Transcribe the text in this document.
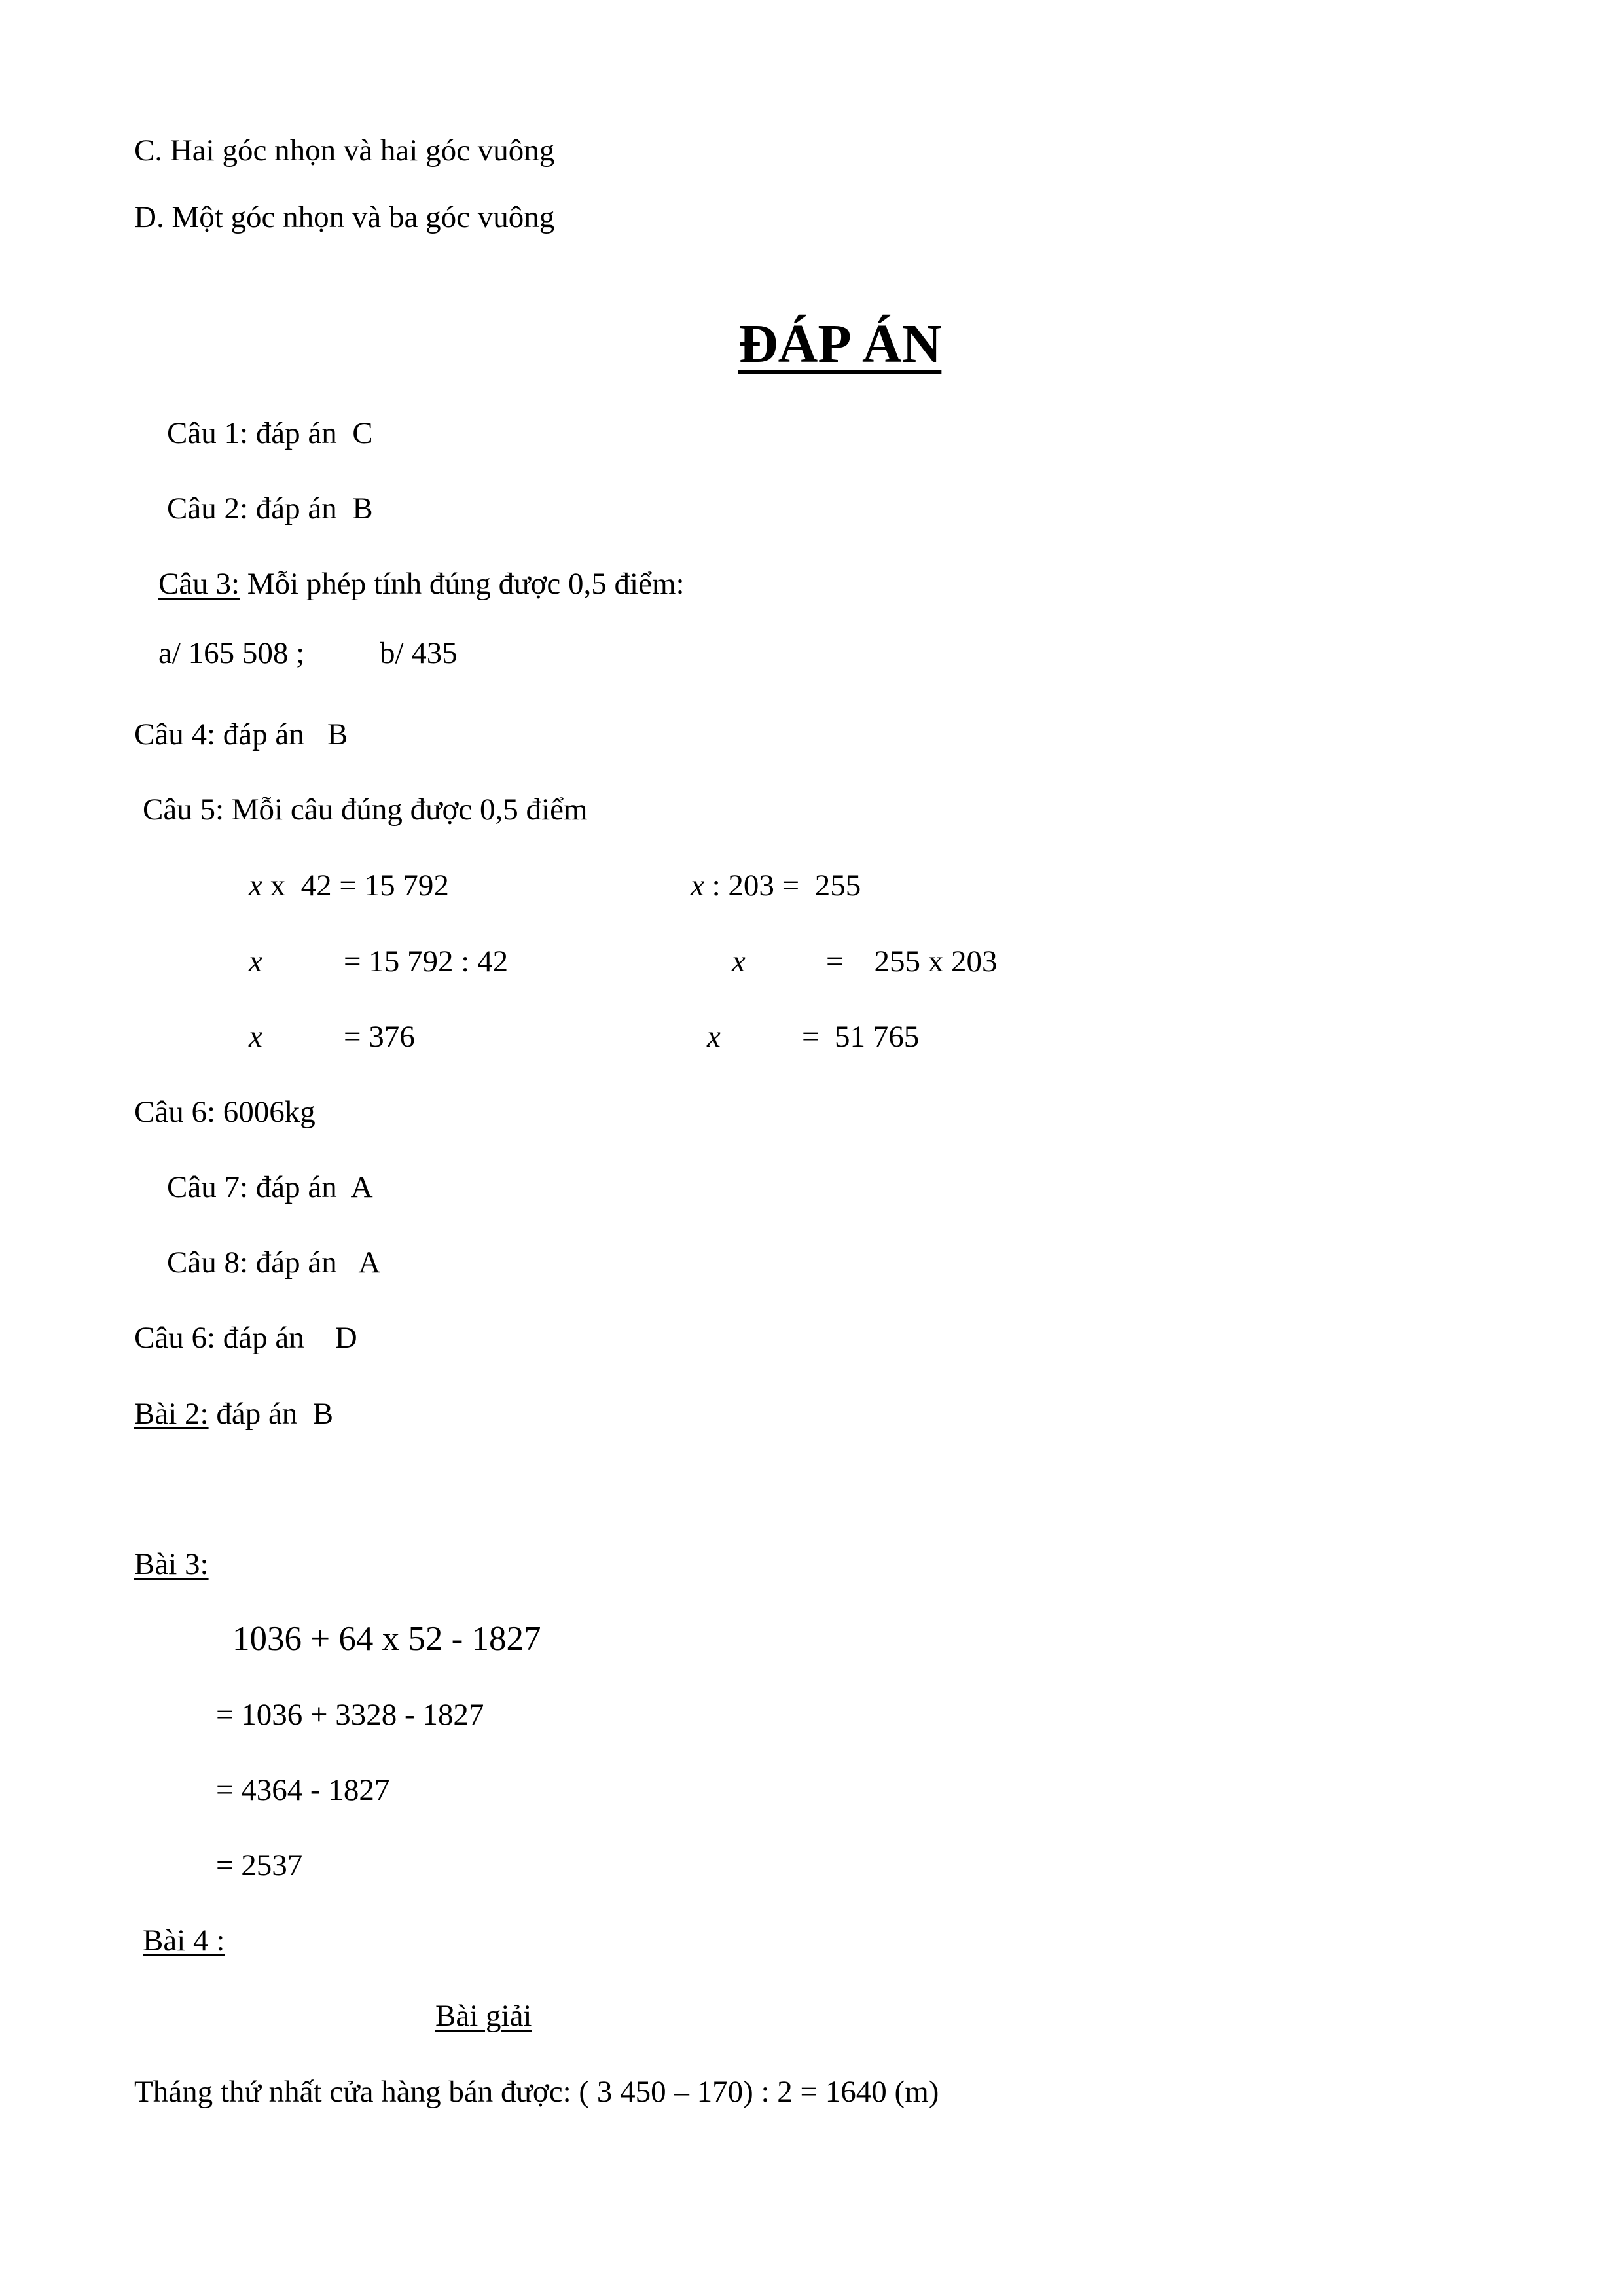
C. Hai góc nhọn và hai góc vuông
D. Một góc nhọn và ba góc vuông
ĐÁP ÁN
Câu 1: đáp án  C
Câu 2: đáp án  B
Câu 3: Mỗi phép tính đúng được 0,5 điểm:
a/ 165 508 ; b/ 435
Câu 4: đáp án   B
Câu 5: Mỗi câu đúng được 0,5 điểm
x x  42 = 15 792	x : 203 =  255
x	= 15 792 : 42	x	=    255 x 203
x	= 376	x	=  51 765
Câu 6: 6006kg
Câu 7: đáp án  A
Câu 8: đáp án   A
Câu 6: đáp án    D
Bài 2: đáp án  B
Bài 3:
1036 + 64 x 52 - 1827
= 1036 + 3328 - 1827
= 4364 - 1827
= 2537
Bài 4 :
Bài giải
Tháng thứ nhất cửa hàng bán được: ( 3 450 – 170) : 2 = 1640 (m)
